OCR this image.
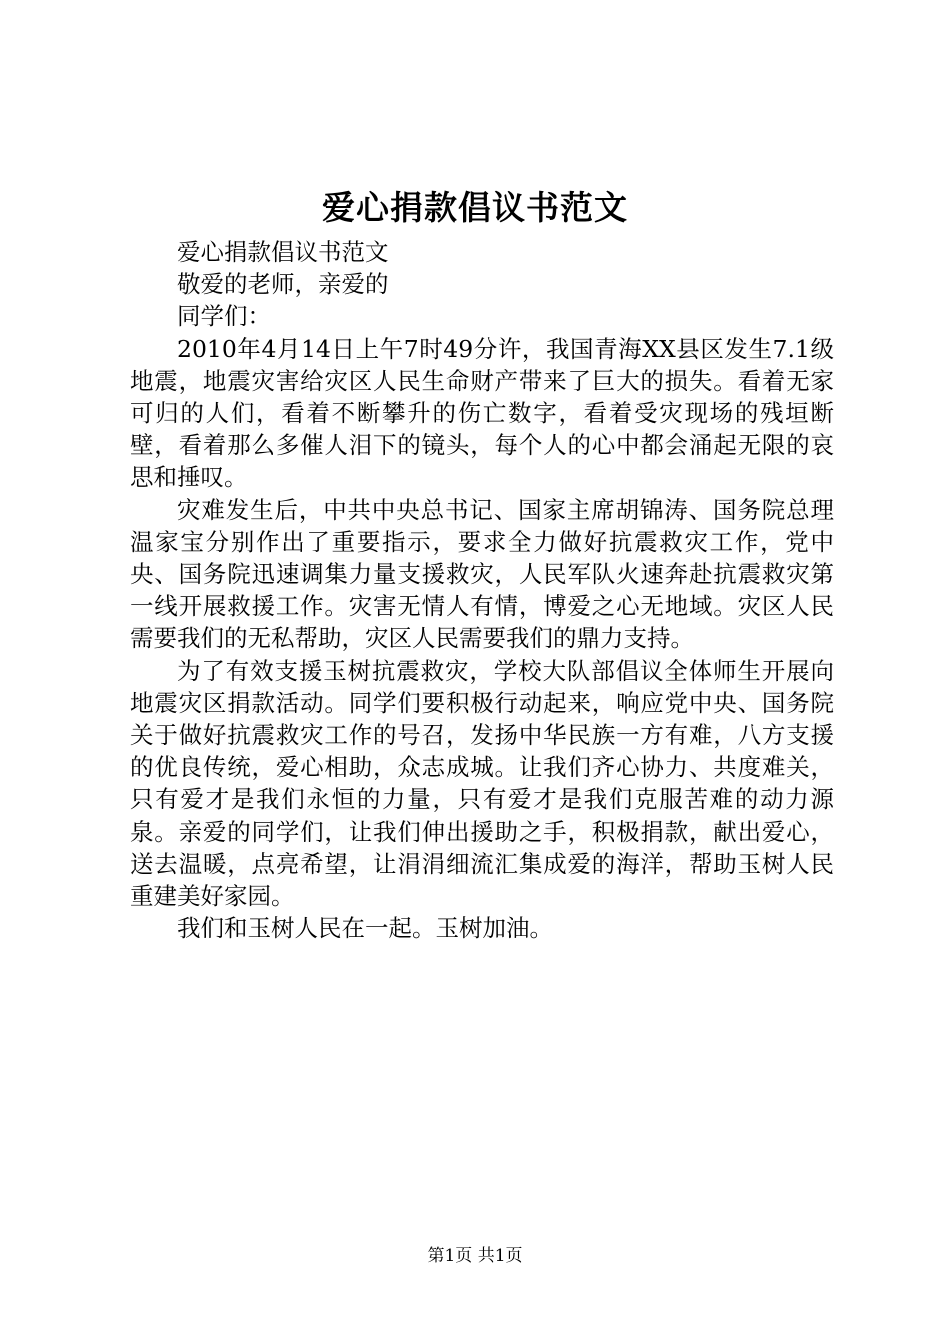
爱心捐款倡议书范文

爱心捐款倡议书范文

敬爱的老师，亲爱的

同学们：

2010年4月14日上午7时49分许，我国青海XX县区发生7.1级地震，地震灾害给灾区人民生命财产带来了巨大的损失。看着无家可归的人们，看着不断攀升的伤亡数字，看着受灾现场的残垣断壁，看着那么多催人泪下的镜头，每个人的心中都会涌起无限的哀思和捶叹。

灾难发生后，中共中央总书记、国家主席胡锦涛、国务院总理温家宝分别作出了重要指示，要求全力做好抗震救灾工作，党中央、国务院迅速调集力量支援救灾，人民军队火速奔赴抗震救灾第一线开展救援工作。灾害无情人有情，博爱之心无地域。灾区人民需要我们的无私帮助，灾区人民需要我们的鼎力支持。

为了有效支援玉树抗震救灾，学校大队部倡议全体师生开展向地震灾区捐款活动。同学们要积极行动起来，响应党中央、国务院关于做好抗震救灾工作的号召，发扬中华民族一方有难，八方支援的优良传统，爱心相助，众志成城。让我们齐心协力、共度难关，只有爱才是我们永恒的力量，只有爱才是我们克服苦难的动力源泉。亲爱的同学们，让我们伸出援助之手，积极捐款，献出爱心，送去温暖，点亮希望，让涓涓细流汇集成爱的海洋，帮助玉树人民重建美好家园。

我们和玉树人民在一起。玉树加油。

第1页 共1页
